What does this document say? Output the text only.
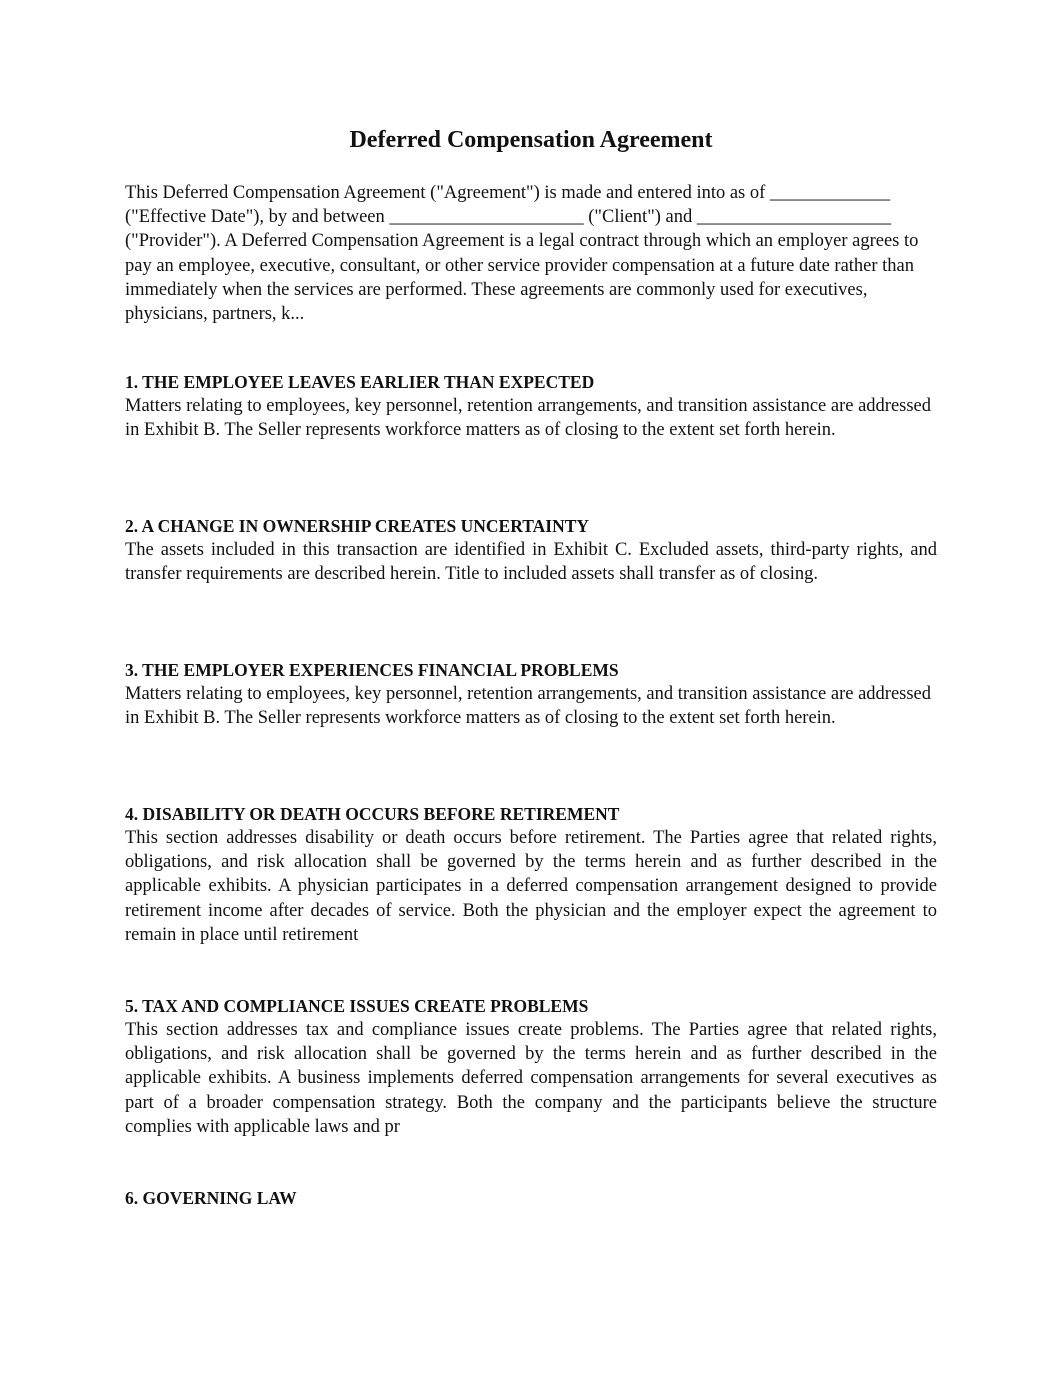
Deferred Compensation Agreement

This Deferred Compensation Agreement ("Agreement") is made and entered into as of _____________ ("Effective Date"), by and between _____________________ ("Client") and _____________________ ("Provider"). A Deferred Compensation Agreement is a legal contract through which an employer agrees to pay an employee, executive, consultant, or other service provider compensation at a future date rather than immediately when the services are performed. These agreements are commonly used for executives, physicians, partners, k...

1. THE EMPLOYEE LEAVES EARLIER THAN EXPECTED

Matters relating to employees, key personnel, retention arrangements, and transition assistance are addressed in Exhibit B. The Seller represents workforce matters as of closing to the extent set forth herein.

2. A CHANGE IN OWNERSHIP CREATES UNCERTAINTY

The assets included in this transaction are identified in Exhibit C. Excluded assets, third-party rights, and transfer requirements are described herein. Title to included assets shall transfer as of closing.

3. THE EMPLOYER EXPERIENCES FINANCIAL PROBLEMS

Matters relating to employees, key personnel, retention arrangements, and transition assistance are addressed in Exhibit B. The Seller represents workforce matters as of closing to the extent set forth herein.

4. DISABILITY OR DEATH OCCURS BEFORE RETIREMENT

This section addresses disability or death occurs before retirement. The Parties agree that related rights, obligations, and risk allocation shall be governed by the terms herein and as further described in the applicable exhibits. A physician participates in a deferred compensation arrangement designed to provide retirement income after decades of service. Both the physician and the employer expect the agreement to remain in place until retirement

5. TAX AND COMPLIANCE ISSUES CREATE PROBLEMS

This section addresses tax and compliance issues create problems. The Parties agree that related rights, obligations, and risk allocation shall be governed by the terms herein and as further described in the applicable exhibits. A business implements deferred compensation arrangements for several executives as part of a broader compensation strategy. Both the company and the participants believe the structure complies with applicable laws and pr

6. GOVERNING LAW
